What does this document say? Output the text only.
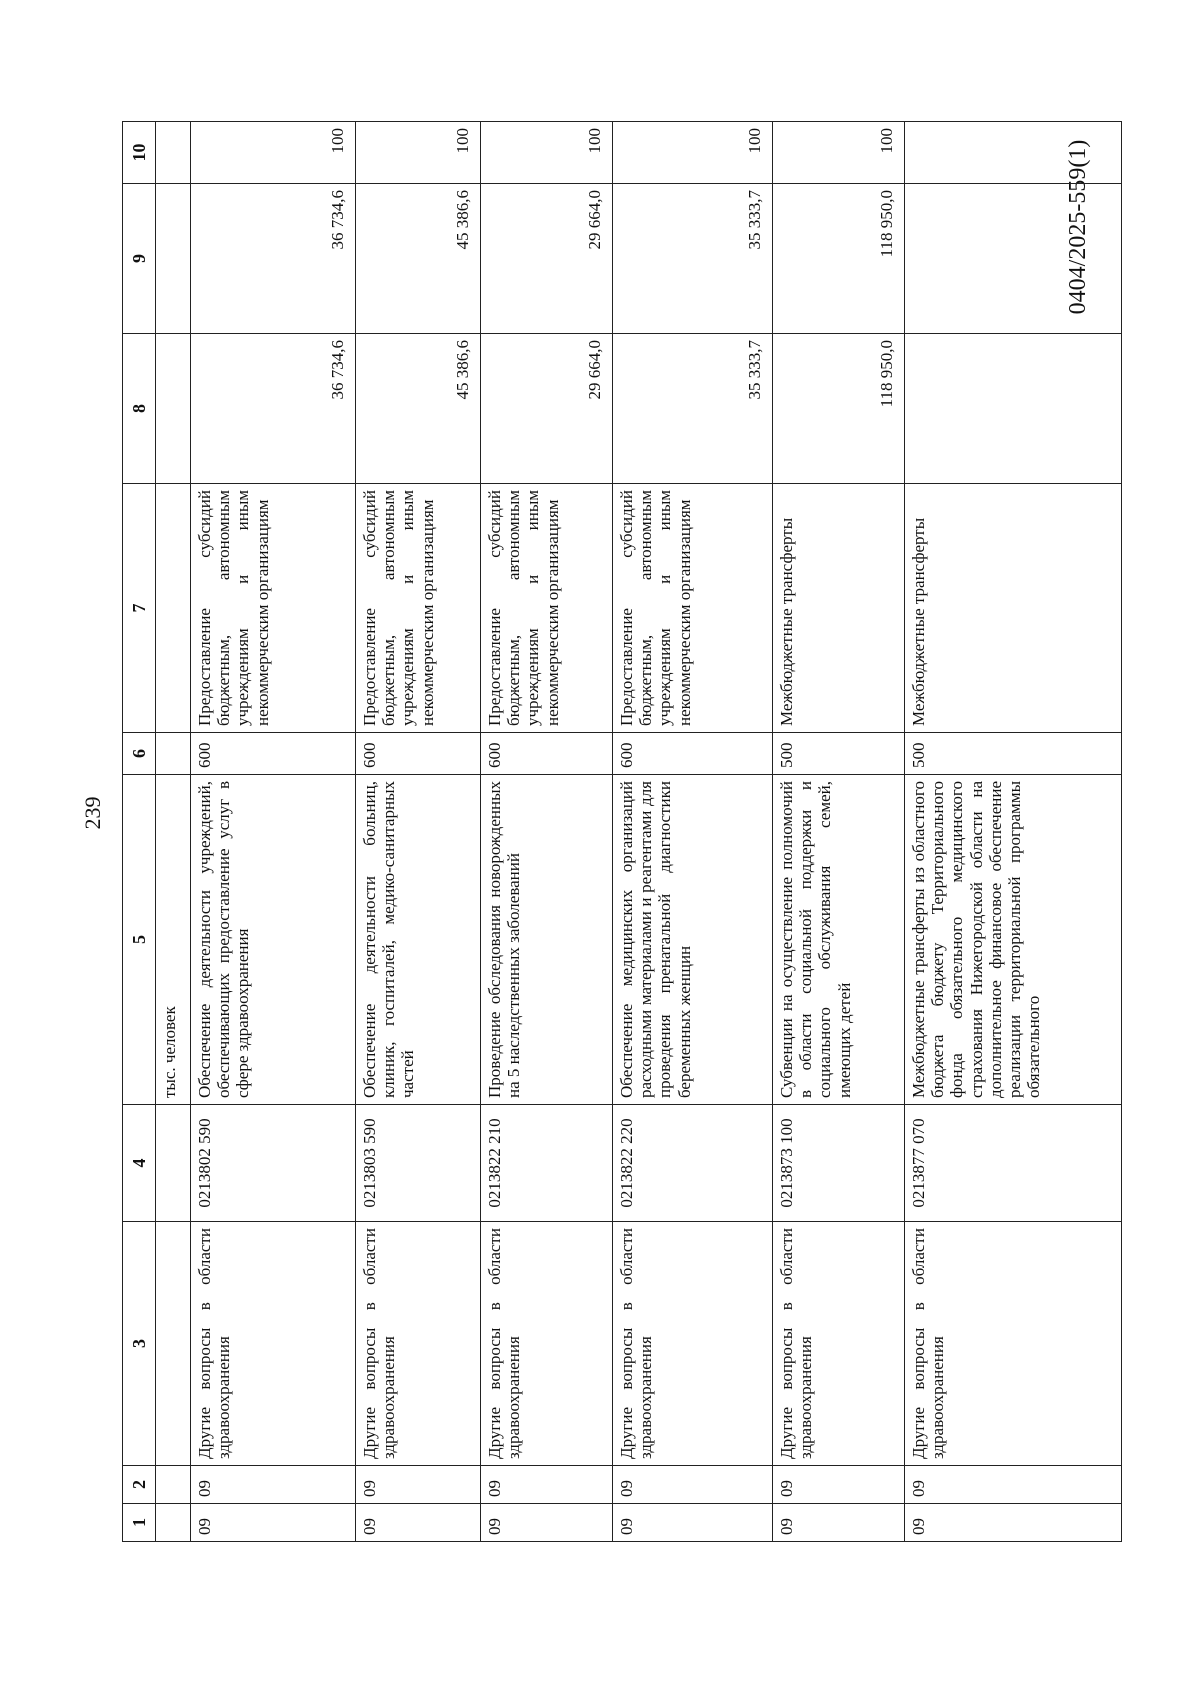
239
0404/2025-559(1)
1	2	3	4	5	6	7	8	9	10
				тыс. человек					
09	09	Другие вопросы в области здравоохранения	0213802 590	Обеспечение деятельности учреждений, обеспечивающих предоставление услуг в сфере здравоохранения	600	Предоставление субсидий бюджетным, автономным учреждениям и иным некоммерческим организациям	36 734,6	36 734,6	100
09	09	Другие вопросы в области здравоохранения	0213803 590	Обеспечение деятельности больниц, клиник, госпиталей, медико-санитарных частей	600	Предоставление субсидий бюджетным, автономным учреждениям и иным некоммерческим организациям	45 386,6	45 386,6	100
09	09	Другие вопросы в области здравоохранения	0213822 210	Проведение обследования новорожденных на 5 наследственных заболеваний	600	Предоставление субсидий бюджетным, автономным учреждениям и иным некоммерческим организациям	29 664,0	29 664,0	100
09	09	Другие вопросы в области здравоохранения	0213822 220	Обеспечение медицинских организаций расходными материалами и реагентами для проведения пренатальной диагностики беременных женщин	600	Предоставление субсидий бюджетным, автономным учреждениям и иным некоммерческим организациям	35 333,7	35 333,7	100
09	09	Другие вопросы в области здравоохранения	0213873 100	Субвенции на осуществление полномочий в области социальной поддержки и социального обслуживания семей, имеющих детей	500	Межбюджетные трансферты	118 950,0	118 950,0	100
09	09	Другие вопросы в области здравоохранения	0213877 070	Межбюджетные трансферты из областного бюджета бюджету Территориального фонда обязательного медицинского страхования Нижегородской области на дополнительное финансовое обеспечение реализации территориальной программы обязательного	500	Межбюджетные трансферты			
